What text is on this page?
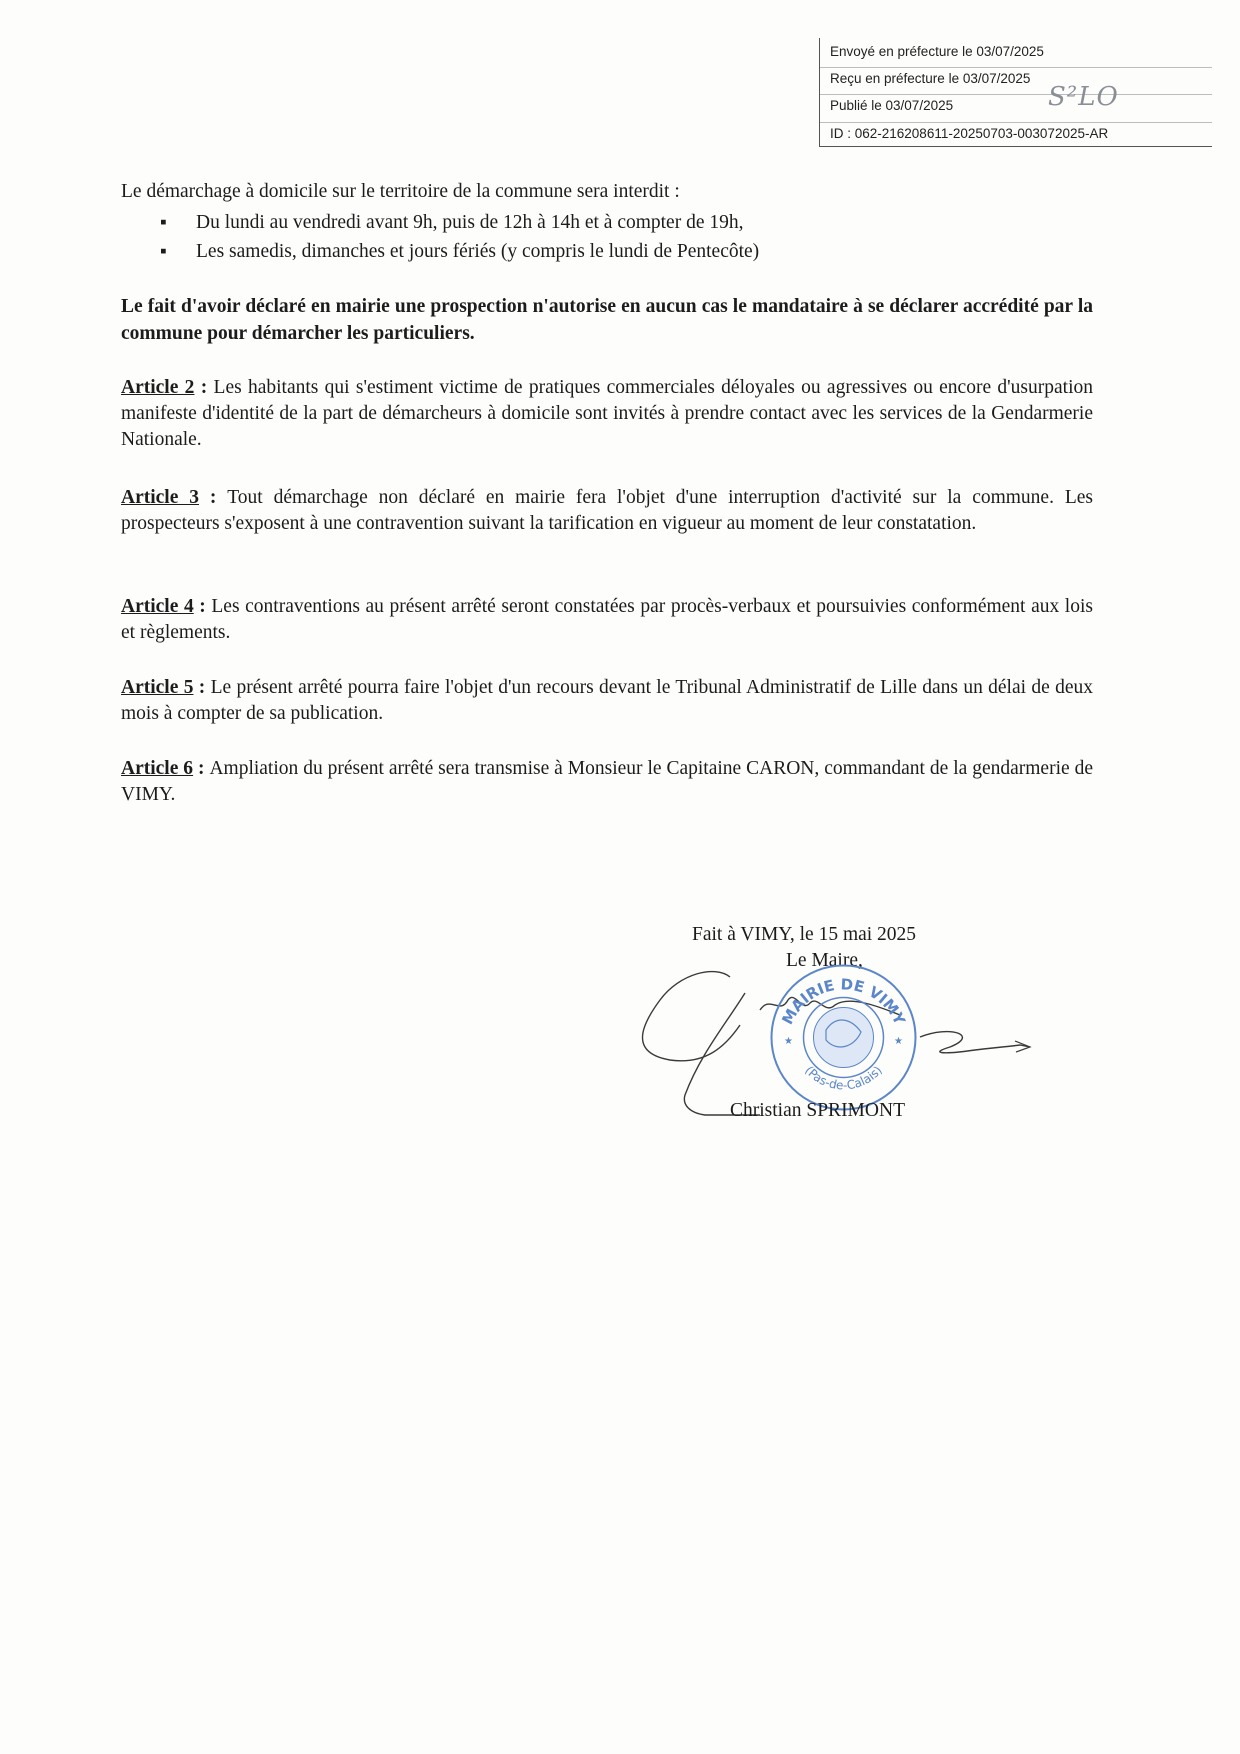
Envoyé en préfecture le 03/07/2025
Reçu en préfecture le 03/07/2025
Publié le 03/07/2025
ID : 062-216208611-20250703-003072025-AR
S²LO
Le démarchage à domicile sur le territoire de la commune sera interdit :
▪ Du lundi au vendredi avant 9h, puis de 12h à 14h et à compter de 19h,
▪ Les samedis, dimanches et jours fériés (y compris le lundi de Pentecôte)
Le fait d'avoir déclaré en mairie une prospection n'autorise en aucun cas le mandataire à se déclarer accrédité par la commune pour démarcher les particuliers.
Article 2 : Les habitants qui s'estiment victime de pratiques commerciales déloyales ou agressives ou encore d'usurpation manifeste d'identité de la part de démarcheurs à domicile sont invités à prendre contact avec les services de la Gendarmerie Nationale.
Article 3 : Tout démarchage non déclaré en mairie fera l'objet d'une interruption d'activité sur la commune. Les prospecteurs s'exposent à une contravention suivant la tarification en vigueur au moment de leur constatation.
Article 4 : Les contraventions au présent arrêté seront constatées par procès-verbaux et poursuivies conformément aux lois et règlements.
Article 5 : Le présent arrêté pourra faire l'objet d'un recours devant le Tribunal Administratif de Lille dans un délai de deux mois à compter de sa publication.
Article 6 : Ampliation du présent arrêté sera transmise à Monsieur le Capitaine CARON, commandant de la gendarmerie de VIMY.
Fait à VIMY, le 15 mai 2025
Le Maire,
MAIRIE DE VIMY
(Pas-de-Calais)
★	★
Christian SPRIMONT
